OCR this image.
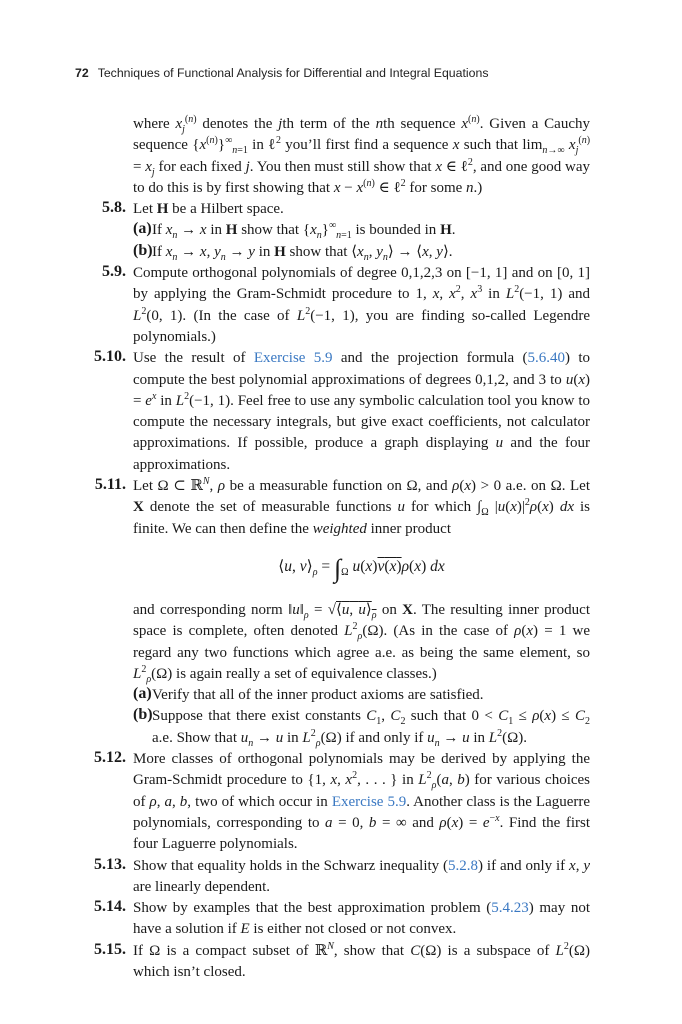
72 Techniques of Functional Analysis for Differential and Integral Equations

where $x_j^{(n)}$ denotes the jth term of the nth sequence $x^{(n)}$. Given a Cauchy sequence $\{x^{(n)}\}^\infty_{n=1}$ in ℓ$^2$ you’ll first find a sequence x such that $\lim_{n\to\infty} x_j^{(n)} = x_j$ for each fixed j. You then must still show that x ∈ ℓ$^2$, and one good way to do this is by first showing that $x - x^{(n)}$ ∈ ℓ$^2$ for some n.)

5.8. Let H be a Hilbert space.

(a) If $x_n \to x$ in H show that $\{x_n\}^\infty_{n=1}$ is bounded in H.

(b) If $x_n \to x$, $y_n \to y$ in H show that $⟨x_n$, $y_n⟩$ → ⟨x, y⟩.

5.9. Compute orthogonal polynomials of degree 0,1,2,3 on [−1, 1] and on [0, 1] by applying the Gram-Schmidt procedure to 1, x, $x^2$, $x^3$ in $L^2(-1$, 1) and $L^2(0$, 1). (In the case of $L^2(-1$, 1), you are finding so-called Legendre polynomials.)

5.10. Use the result of Exercise 5.9 and the projection formula (5.6.40) to compute the best polynomial approximations of degrees 0,1,2, and 3 to $u(x) = e^x$ in $L^2(-1$, 1). Feel free to use any symbolic calculation tool you know to compute the necessary integrals, but give exact coefficients, not calculator approximations. If possible, produce a graph displaying u and the four approximations.

5.11. Let Ω ⊂ ℝ$^N$, ρ be a measurable function on Ω, and ρ(x) > 0 a.e. on Ω. Let X denote the set of measurable functions u for which $\int_\Omega$ $|u(x)|^2\rho(x)$ dx is finite. We can then define the weighted inner product

⟨u, $v⟩_\rho = \int_\Omega$ u(x)v(x)ρ(x) dx

and corresponding norm $‖u‖_\rho$ = √⟨u, $u⟩_\rho$ on X. The resulting inner product space is complete, often denoted $L^2_\rho(\Omega)$. (As in the case of ρ(x) = 1 we regard any two functions which agree a.e. as being the same element, so $L^2_\rho(\Omega)$ is again really a set of equivalence classes.)

(a) Verify that all of the inner product axioms are satisfied.

(b) Suppose that there exist constants $C_1$, $C_2$ such that $0 < C_1 \le \rho(x) \le C_2$ a.e. Show that $u_n \to u$ in $L^2_\rho(\Omega)$ if and only if $u_n \to u$ in $L^2(\Omega)$.

5.12. More classes of orthogonal polynomials may be derived by applying the Gram-Schmidt procedure to {1, x, $x^2$, . . . } in $L^2_\rho(a$, b) for various choices of ρ, a, b, two of which occur in Exercise 5.9. Another class is the Laguerre polynomials, corresponding to a = 0, b = ∞ and $\rho(x) = e^{-x}$. Find the first four Laguerre polynomials.

5.13. Show that equality holds in the Schwarz inequality (5.2.8) if and only if x, y are linearly dependent.

5.14. Show by examples that the best approximation problem (5.4.23) may not have a solution if E is either not closed or not convex.

5.15. If Ω is a compact subset of ℝ$^N$, show that C(Ω) is a subspace of $L^2(\Omega)$ which isn’t closed.
